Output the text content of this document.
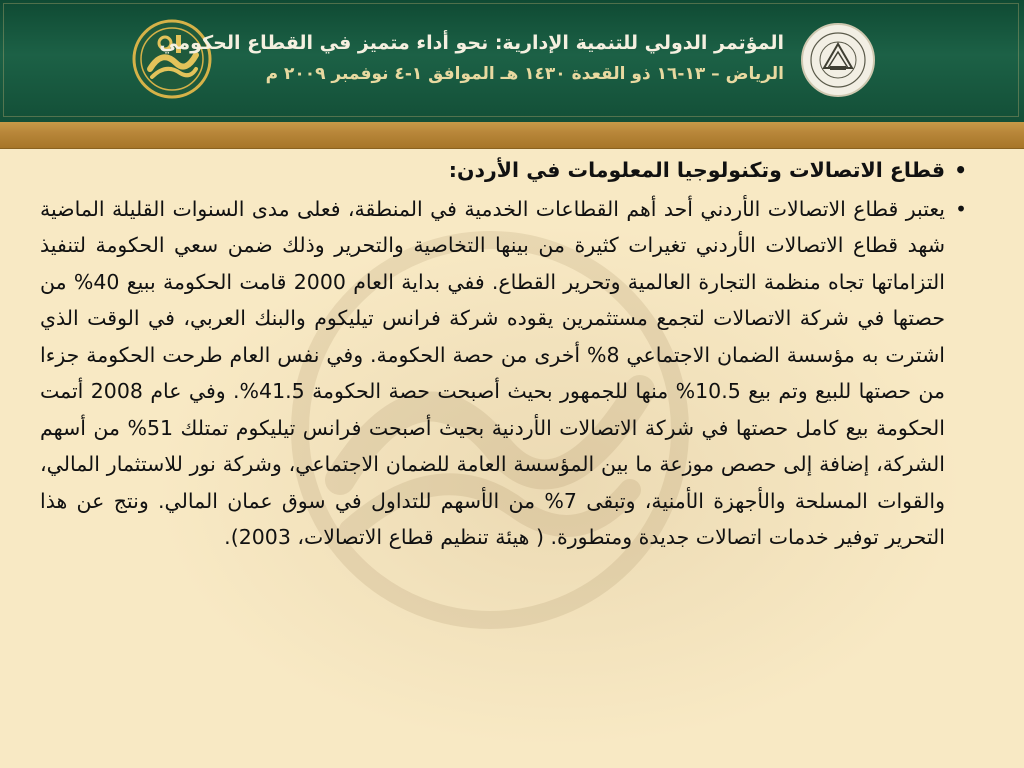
المؤتمر الدولي للتنمية الإدارية: نحو أداء متميز في القطاع الحكومي
الرياض – ١٣-١٦ ذو القعدة ١٤٣٠ هـ الموافق ١-٤ نوفمبر ٢٠٠٩ م
•
قطاع الاتصالات وتكنولوجيا المعلومات في الأردن:
•
يعتبر قطاع الاتصالات الأردني أحد أهم القطاعات الخدمية في المنطقة، فعلى مدى السنوات القليلة الماضية شهد قطاع الاتصالات الأردني تغيرات كثيرة من بينها التخاصية والتحرير وذلك ضمن سعي الحكومة لتنفيذ التزاماتها تجاه منظمة التجارة العالمية وتحرير القطاع. ففي بداية العام 2000 قامت الحكومة ببيع 40% من حصتها في شركة الاتصالات لتجمع مستثمرين يقوده شركة فرانس تيليكوم والبنك العربي، في الوقت الذي اشترت به مؤسسة الضمان الاجتماعي 8% أخرى من حصة الحكومة. وفي نفس العام طرحت الحكومة جزءا من حصتها للبيع وتم بيع 10.5% منها للجمهور بحيث أصبحت حصة الحكومة 41.5%. وفي عام 2008 أتمت الحكومة بيع كامل حصتها في شركة الاتصالات الأردنية بحيث أصبحت فرانس تيليكوم تمتلك 51% من أسهم الشركة، إضافة إلى حصص موزعة ما بين المؤسسة العامة للضمان الاجتماعي، وشركة نور للاستثمار المالي، والقوات المسلحة والأجهزة الأمنية، وتبقى 7% من الأسهم للتداول في سوق عمان المالي. ونتج عن هذا التحرير توفير خدمات اتصالات جديدة ومتطورة. ( هيئة تنظيم قطاع الاتصالات، 2003).
